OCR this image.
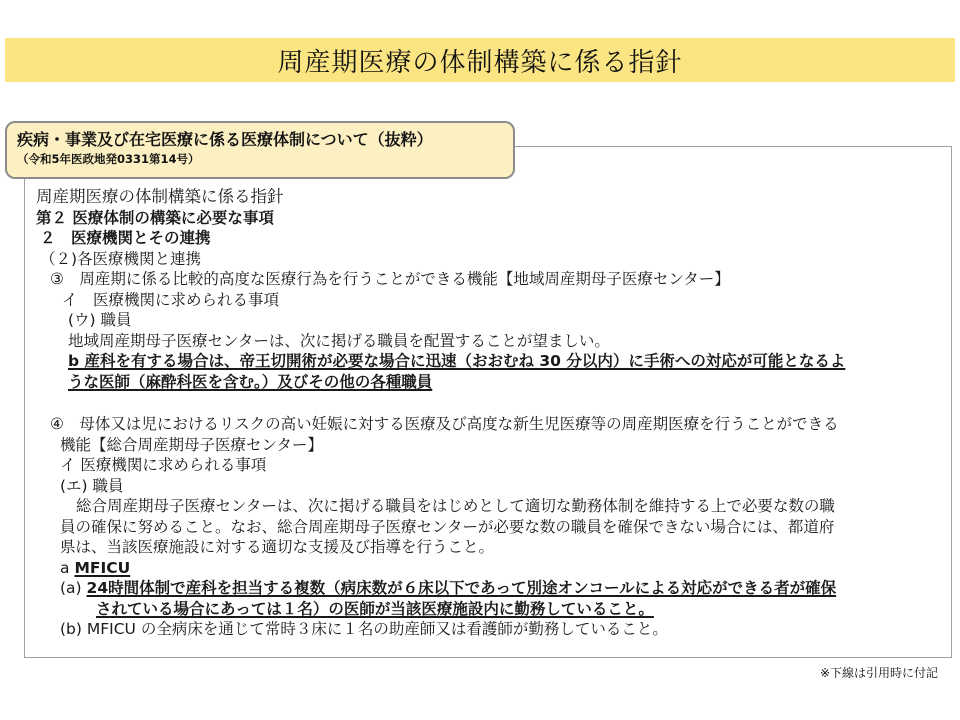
周産期医療の体制構築に係る指針
疾病・事業及び在宅医療に係る医療体制について（抜粋）
（令和5年医政地発0331第14号）

周産期医療の体制構築に係る指針

第２ 医療体制の構築に必要な事項

２　医療機関とその連携

（２)各医療機関と連携

③　周産期に係る比較的高度な医療行為を行うことができる機能【地域周産期母子医療センター】

イ　医療機関に求められる事項

(ウ) 職員

地域周産期母子医療センターは、次に掲げる職員を配置することが望ましい。

b 産科を有する場合は、帝王切開術が必要な場合に迅速（おおむね 30 分以内）に手術への対応が可能となるよ

うな医師（麻酔科医を含む。）及びその他の各種職員

④　母体又は児におけるリスクの高い妊娠に対する医療及び高度な新生児医療等の周産期医療を行うことができる

機能【総合周産期母子医療センター】

イ 医療機関に求められる事項

(エ) 職員

総合周産期母子医療センターは、次に掲げる職員をはじめとして適切な勤務体制を維持する上で必要な数の職

員の確保に努めること。なお、総合周産期母子医療センターが必要な数の職員を確保できない場合には、都道府

県は、当該医療施設に対する適切な支援及び指導を行うこと。

a MFICU

(a) 24時間体制で産科を担当する複数（病床数が６床以下であって別途オンコールによる対応ができる者が確保

されている場合にあっては１名）の医師が当該医療施設内に勤務していること。

(b) MFICU の全病床を通じて常時３床に１名の助産師又は看護師が勤務していること。

※下線は引用時に付記
